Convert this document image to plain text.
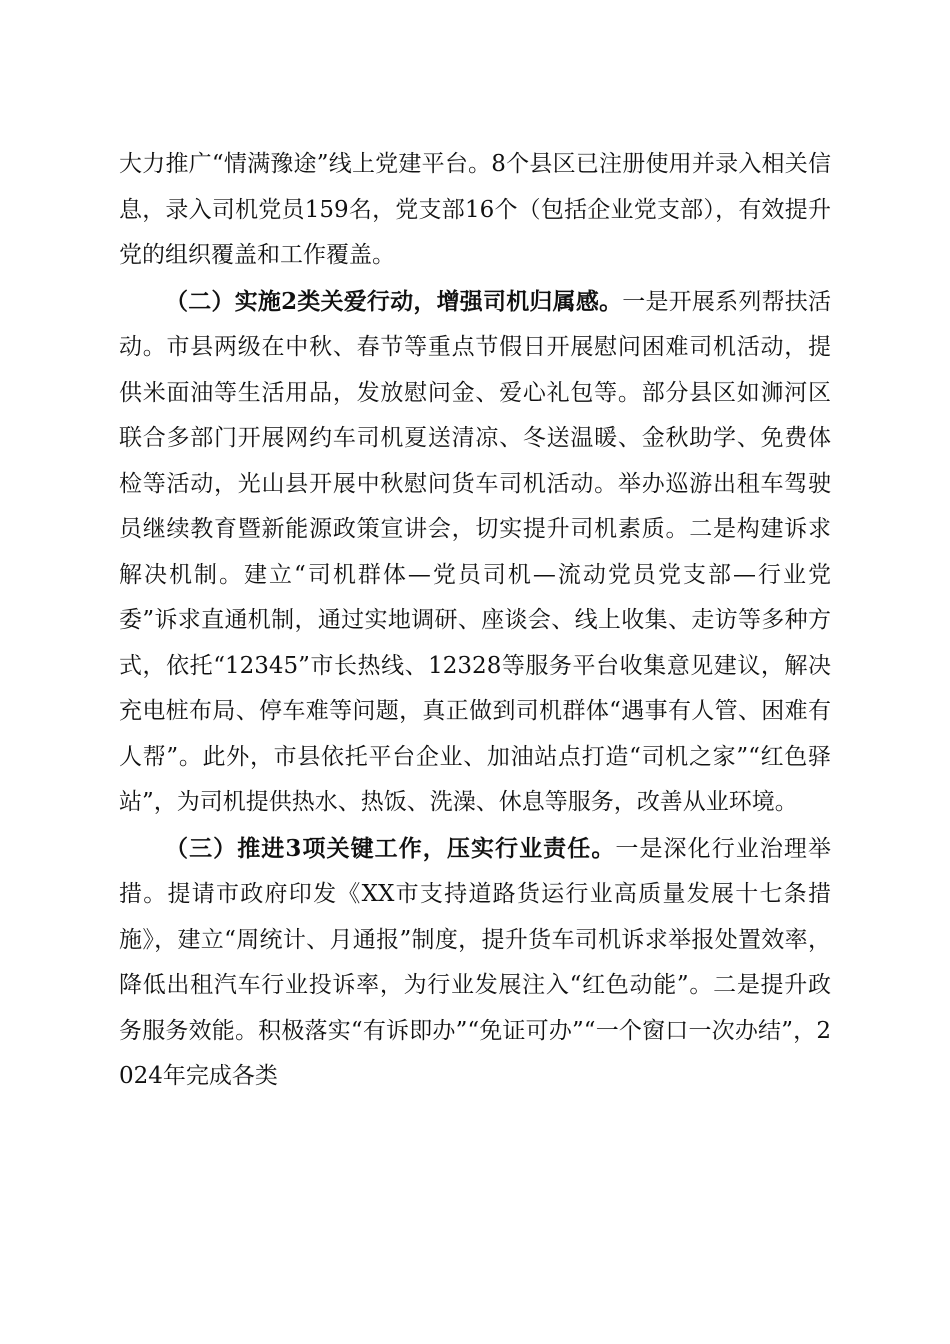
大力推广“情满豫途”线上党建平台。8个县区已注册使用并录入相关信息，录入司机党员159名，党支部16个（包括企业党支部），有效提升党的组织覆盖和工作覆盖。

（二）实施2类关爱行动，增强司机归属感。一是开展系列帮扶活动。市县两级在中秋、春节等重点节假日开展慰问困难司机活动，提供米面油等生活用品，发放慰问金、爱心礼包等。部分县区如浉河区联合多部门开展网约车司机夏送清凉、冬送温暖、金秋助学、免费体检等活动，光山县开展中秋慰问货车司机活动。举办巡游出租车驾驶员继续教育暨新能源政策宣讲会，切实提升司机素质。二是构建诉求解决机制。建立“司机群体—党员司机—流动党员党支部—行业党委”诉求直通机制，通过实地调研、座谈会、线上收集、走访等多种方式，依托“12345”市长热线、12328等服务平台收集意见建议，解决充电桩布局、停车难等问题，真正做到司机群体“遇事有人管、困难有人帮”。此外，市县依托平台企业、加油站点打造“司机之家”“红色驿站”，为司机提供热水、热饭、洗澡、休息等服务，改善从业环境。

（三）推进3项关键工作，压实行业责任。一是深化行业治理举措。提请市政府印发《XX市支持道路货运行业高质量发展十七条措施》，建立“周统计、月通报”制度，提升货车司机诉求举报处置效率，降低出租汽车行业投诉率，为行业发展注入“红色动能”。二是提升政务服务效能。积极落实“有诉即办”“免证可办”“一个窗口一次办结”，2024年完成各类
